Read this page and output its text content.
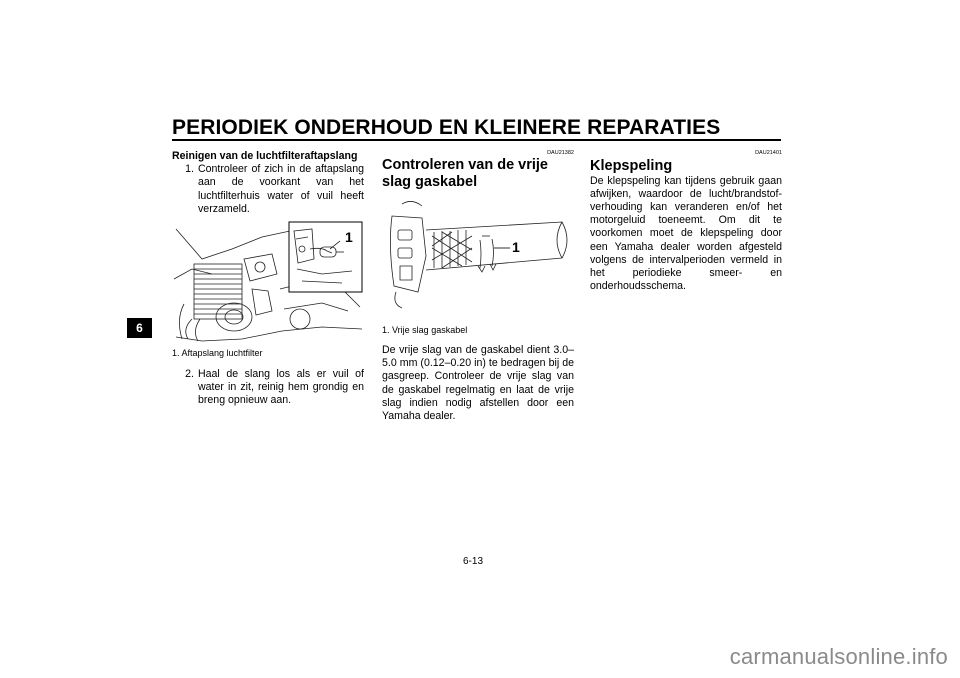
PERIODIEK ONDERHOUD EN KLEINERE REPARATIES
6
Reinigen van de luchtfilteraftapslang
1. Controleer of zich in de aftapslang aan de voorkant van het luchtfilterhuis water of vuil heeft verzameld.
1
1. Aftapslang luchtfilter
2. Haal de slang los als er vuil of water in zit, reinig hem grondig en breng opnieuw aan.
DAU21382
Controleren van de vrije slag gaskabel
1
1. Vrije slag gaskabel
De vrije slag van de gaskabel dient 3.0–5.0 mm (0.12–0.20 in) te bedragen bij de gasgreep. Controleer de vrije slag van de gaskabel regelmatig en laat de vrije slag indien nodig afstellen door een Yamaha dealer.
DAU21401
Klepspeling
De klepspeling kan tijdens gebruik gaan afwijken, waardoor de lucht/brandstof-verhouding kan veranderen en/of het motorgeluid toeneemt. Om dit te voorkomen moet de klepspeling door een Yamaha dealer worden afgesteld volgens de intervalperioden vermeld in het periodieke smeer- en onderhoudsschema.
6-13
carmanualsonline.info
